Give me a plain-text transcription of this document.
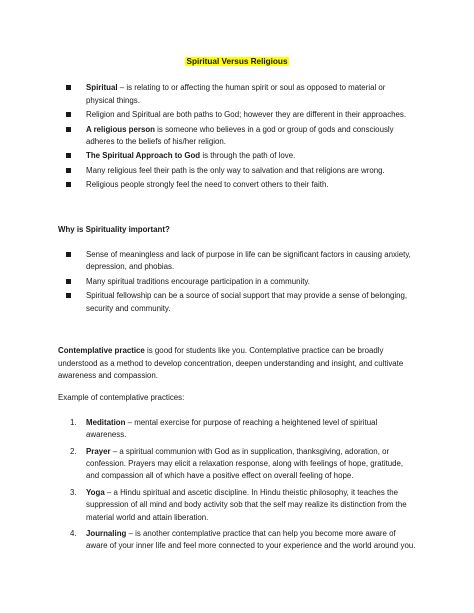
Spiritual Versus Religious
Spiritual – is relating to or affecting the human spirit or soul as opposed to material or physical things.
Religion and Spiritual are both paths to God; however they are different in their approaches.
A religious person is someone who believes in a god or group of gods and consciously adheres to the beliefs of his/her religion.
The Spiritual Approach to God is through the path of love.
Many religious feel their path is the only way to salvation and that religions are wrong.
Religious people strongly feel the need to convert others to their faith.
Why is Spirituality important?
Sense of meaningless and lack of purpose in life can be significant factors in causing anxiety, depression, and phobias.
Many spiritual traditions encourage participation in a community.
Spiritual fellowship can be a source of social support that may provide a sense of belonging, security and community.
Contemplative practice is good for students like you. Contemplative practice can be broadly understood as a method to develop concentration, deepen understanding and insight, and cultivate awareness and compassion.
Example of contemplative practices:
1. Meditation – mental exercise for purpose of reaching a heightened level of spiritual awareness.
2. Prayer – a spiritual communion with God as in supplication, thanksgiving, adoration, or confession. Prayers may elicit a relaxation response, along with feelings of hope, gratitude, and compassion all of which have a positive effect on overall feeling of hope.
3. Yoga – a Hindu spiritual and ascetic discipline. In Hindu theistic philosophy, it teaches the suppression of all mind and body activity sob that the self may realize its distinction from the material world and attain liberation.
4. Journaling – is another contemplative practice that can help you become more aware of aware of your inner life and feel more connected to your experience and the world around you.
